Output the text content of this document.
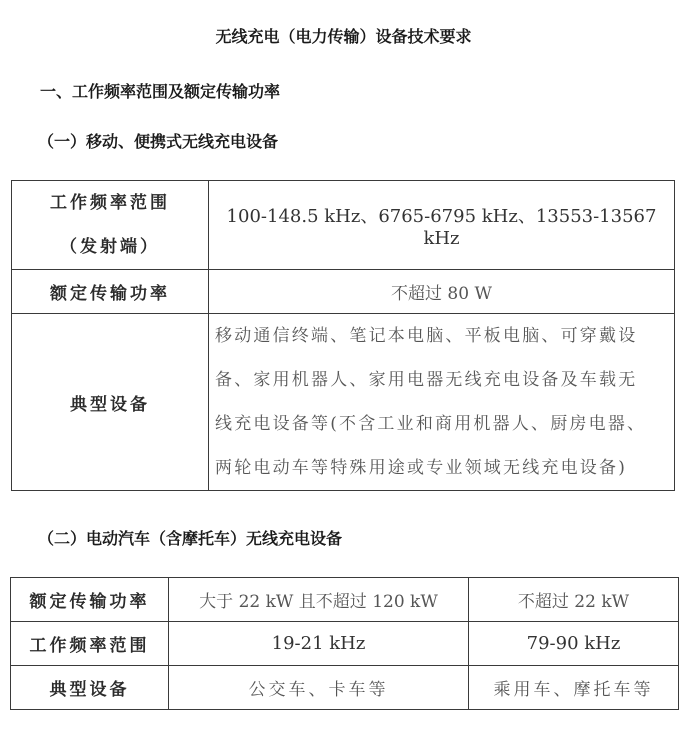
无线充电（电力传输）设备技术要求
一、工作频率范围及额定传输功率
（一）移动、便携式无线充电设备
工作频率范围
（发射端）	100-148.5 kHz、6765-6795 kHz、13553-13567 kHz
额定传输功率	不超过 80 W
典型设备	移动通信终端、笔记本电脑、平板电脑、可穿戴设
备、家用机器人、家用电器无线充电设备及车载无
线充电设备等(不含工业和商用机器人、厨房电器、
两轮电动车等特殊用途或专业领域无线充电设备)
（二）电动汽车（含摩托车）无线充电设备
额定传输功率	大于 22 kW 且不超过 120 kW	不超过 22 kW
工作频率范围	19-21 kHz	79-90 kHz
典型设备	公交车、卡车等	乘用车、摩托车等
